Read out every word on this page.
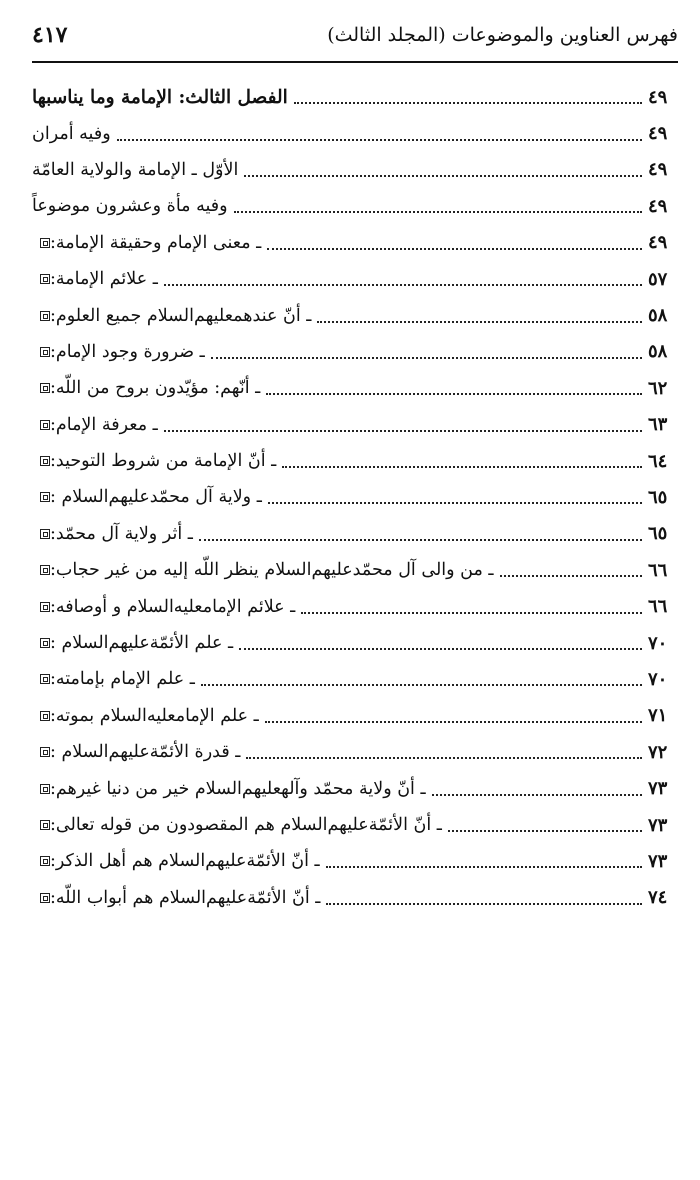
فهرس العناوين والموضوعات (المجلد الثالث)
٤١٧
الفصل الثالث: الإمامة وما يناسبها	٤٩
وفيه أمران	٤٩
الأوّل ـ الإمامة والولاية العامّة	٤٩
وفيه مأة وعشرون موضوعاً	٤٩
ـ معنى الإمام وحقيقة الإمامة:	٤٩
ـ علائم الإمامة:	٥٧
ـ أنّ عندهمعليهم‌السلام جميع العلوم:	٥٨
ـ ضرورة وجود الإمام:	٥٨
ـ أنّهم: مؤيّدون بروح من اللّه:	٦٢
ـ معرفة الإمام:	٦٣
ـ أنّ الإمامة من شروط التوحيد:	٦٤
ـ ولاية آل محمّدعليهم‌السلام :	٦٥
ـ أثر ولاية آل محمّد:	٦٥
ـ من والى آل محمّدعليهم‌السلام ينظر اللّه إليه من غير حجاب:	٦٦
ـ علائم الإمامعليه‌السلام و أوصافه:	٦٦
ـ علم الأئمّةعليهم‌السلام :	٧٠
ـ علم الإمام بإمامته:	٧٠
ـ علم الإمامعليه‌السلام بموته:	٧١
ـ قدرة الأئمّةعليهم‌السلام :	٧٢
ـ أنّ ولاية محمّد وآلهعليهم‌السلام خير من دنيا غيرهم:	٧٣
ـ أنّ الأئمّةعليهم‌السلام هم المقصودون من قوله تعالى:	٧٣
ـ أنّ الأئمّةعليهم‌السلام هم أهل الذكر:	٧٣
ـ أنّ الأئمّةعليهم‌السلام هم أبواب اللّه:	٧٤
